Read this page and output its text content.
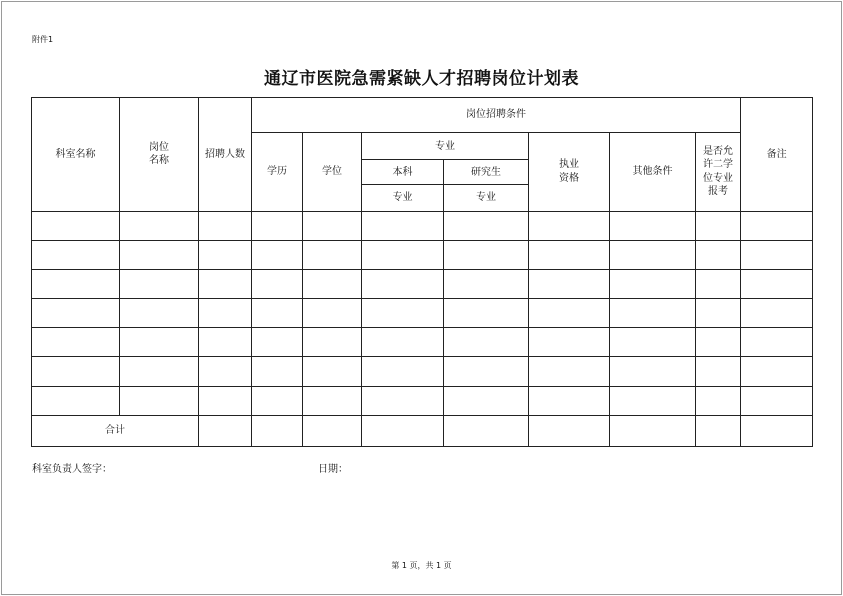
附件1
通辽市医院急需紧缺人才招聘岗位计划表
科室名称	岗位名称	招聘人数	岗位招聘条件							备注
			学历	学位	专业		执业资格	其他条件	是否允许二学位专业报考	
					本科	研究生				
					专业	专业				

合计										
科室负责人签字：	日期：
第 1 页，共 1 页
